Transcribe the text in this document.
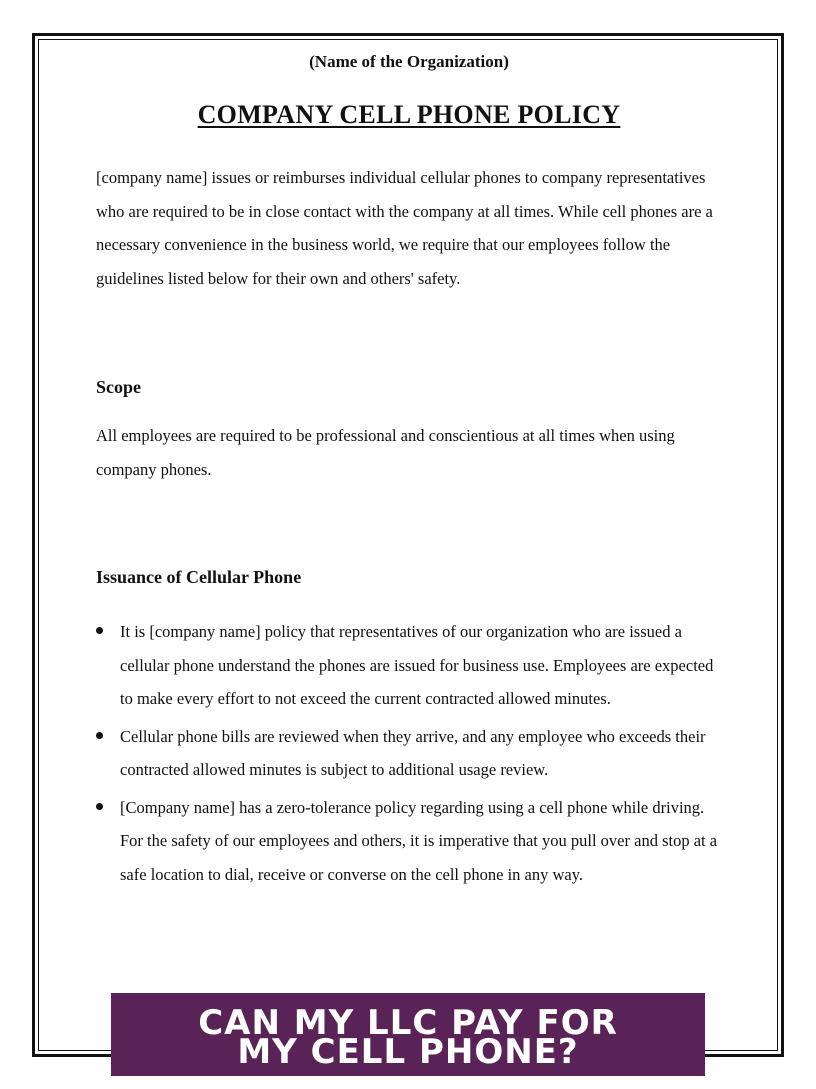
(Name of the Organization)

COMPANY CELL PHONE POLICY

[company name] issues or reimburses individual cellular phones to company representatives who are required to be in close contact with the company at all times. While cell phones are a necessary convenience in the business world, we require that our employees follow the guidelines listed below for their own and others' safety.

Scope

All employees are required to be professional and conscientious at all times when using company phones.

Issuance of Cellular Phone
It is [company name] policy that representatives of our organization who are issued a cellular phone understand the phones are issued for business use. Employees are expected to make every effort to not exceed the current contracted allowed minutes.
Cellular phone bills are reviewed when they arrive, and any employee who exceeds their contracted allowed minutes is subject to additional usage review.
[Company name] has a zero-tolerance policy regarding using a cell phone while driving. For the safety of our employees and others, it is imperative that you pull over and stop at a safe location to dial, receive or converse on the cell phone in any way.

CAN MY LLC PAY FOR MY CELL PHONE?
